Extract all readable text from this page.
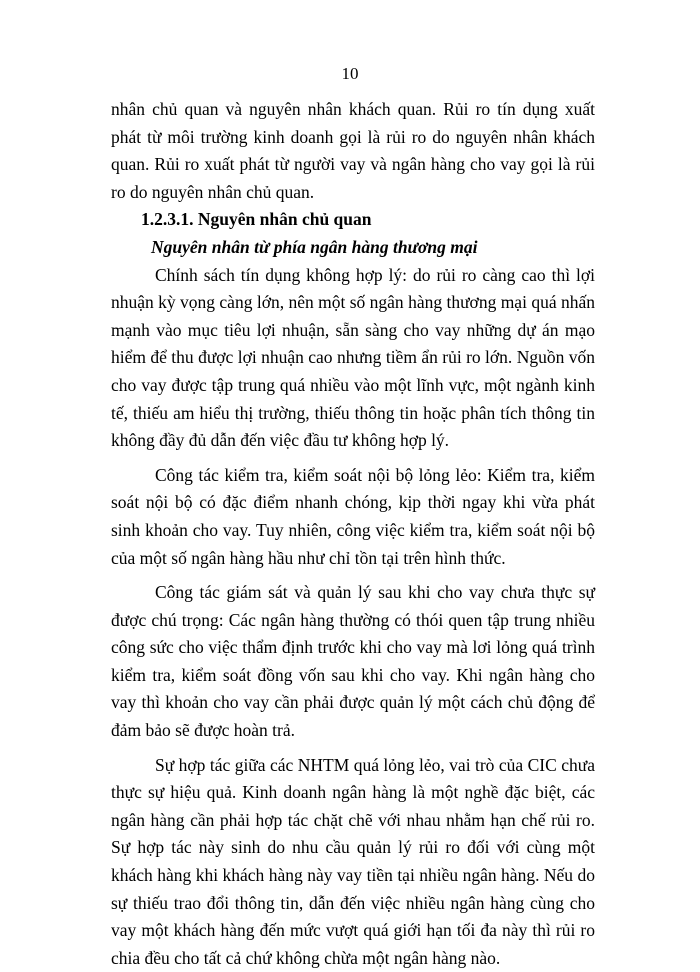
10

nhân chủ quan và nguyên nhân khách quan. Rủi ro tín dụng xuất phát từ môi trường kinh doanh gọi là rủi ro do nguyên nhân khách quan. Rủi ro xuất phát từ người vay và ngân hàng cho vay gọi là rủi ro do nguyên nhân chủ quan.

1.2.3.1. Nguyên nhân chủ quan

Nguyên nhân từ phía ngân hàng thương mại

Chính sách tín dụng không hợp lý: do rủi ro càng cao thì lợi nhuận kỳ vọng càng lớn, nên một số ngân hàng thương mại quá nhấn mạnh vào mục tiêu lợi nhuận, sẵn sàng cho vay những dự án mạo hiểm để thu được lợi nhuận cao nhưng tiềm ẩn rủi ro lớn. Nguồn vốn cho vay được tập trung quá nhiều vào một lĩnh vực, một ngành kinh tế, thiếu am hiểu thị trường, thiếu thông tin hoặc phân tích thông tin không đầy đủ dẫn đến việc đầu tư không hợp lý.

Công tác kiểm tra, kiểm soát nội bộ lỏng lẻo: Kiểm tra, kiểm soát nội bộ có đặc điểm nhanh chóng, kịp thời ngay khi vừa phát sinh khoản cho vay. Tuy nhiên, công việc kiểm tra, kiểm soát nội bộ của một số ngân hàng hầu như chỉ tồn tại trên hình thức.

Công tác giám sát và quản lý sau khi cho vay chưa thực sự được chú trọng: Các ngân hàng thường có thói quen tập trung nhiều công sức cho việc thẩm định trước khi cho vay mà lơi lỏng quá trình kiểm tra, kiểm soát đồng vốn sau khi cho vay. Khi ngân hàng cho vay thì khoản cho vay cần phải được quản lý một cách chủ động để đảm bảo sẽ được hoàn trả.

Sự hợp tác giữa các NHTM quá lỏng lẻo, vai trò của CIC chưa thực sự hiệu quả. Kinh doanh ngân hàng là một nghề đặc biệt, các ngân hàng cần phải hợp tác chặt chẽ với nhau nhằm hạn chế rủi ro. Sự hợp tác này sinh do nhu cầu quản lý rủi ro đối với cùng một khách hàng khi khách hàng này vay tiền tại nhiều ngân hàng. Nếu do sự thiếu trao đổi thông tin, dẫn đến việc nhiều ngân hàng cùng cho vay một khách hàng đến mức vượt quá giới hạn tối đa này thì rủi ro chia đều cho tất cả chứ không chừa một ngân hàng nào.
